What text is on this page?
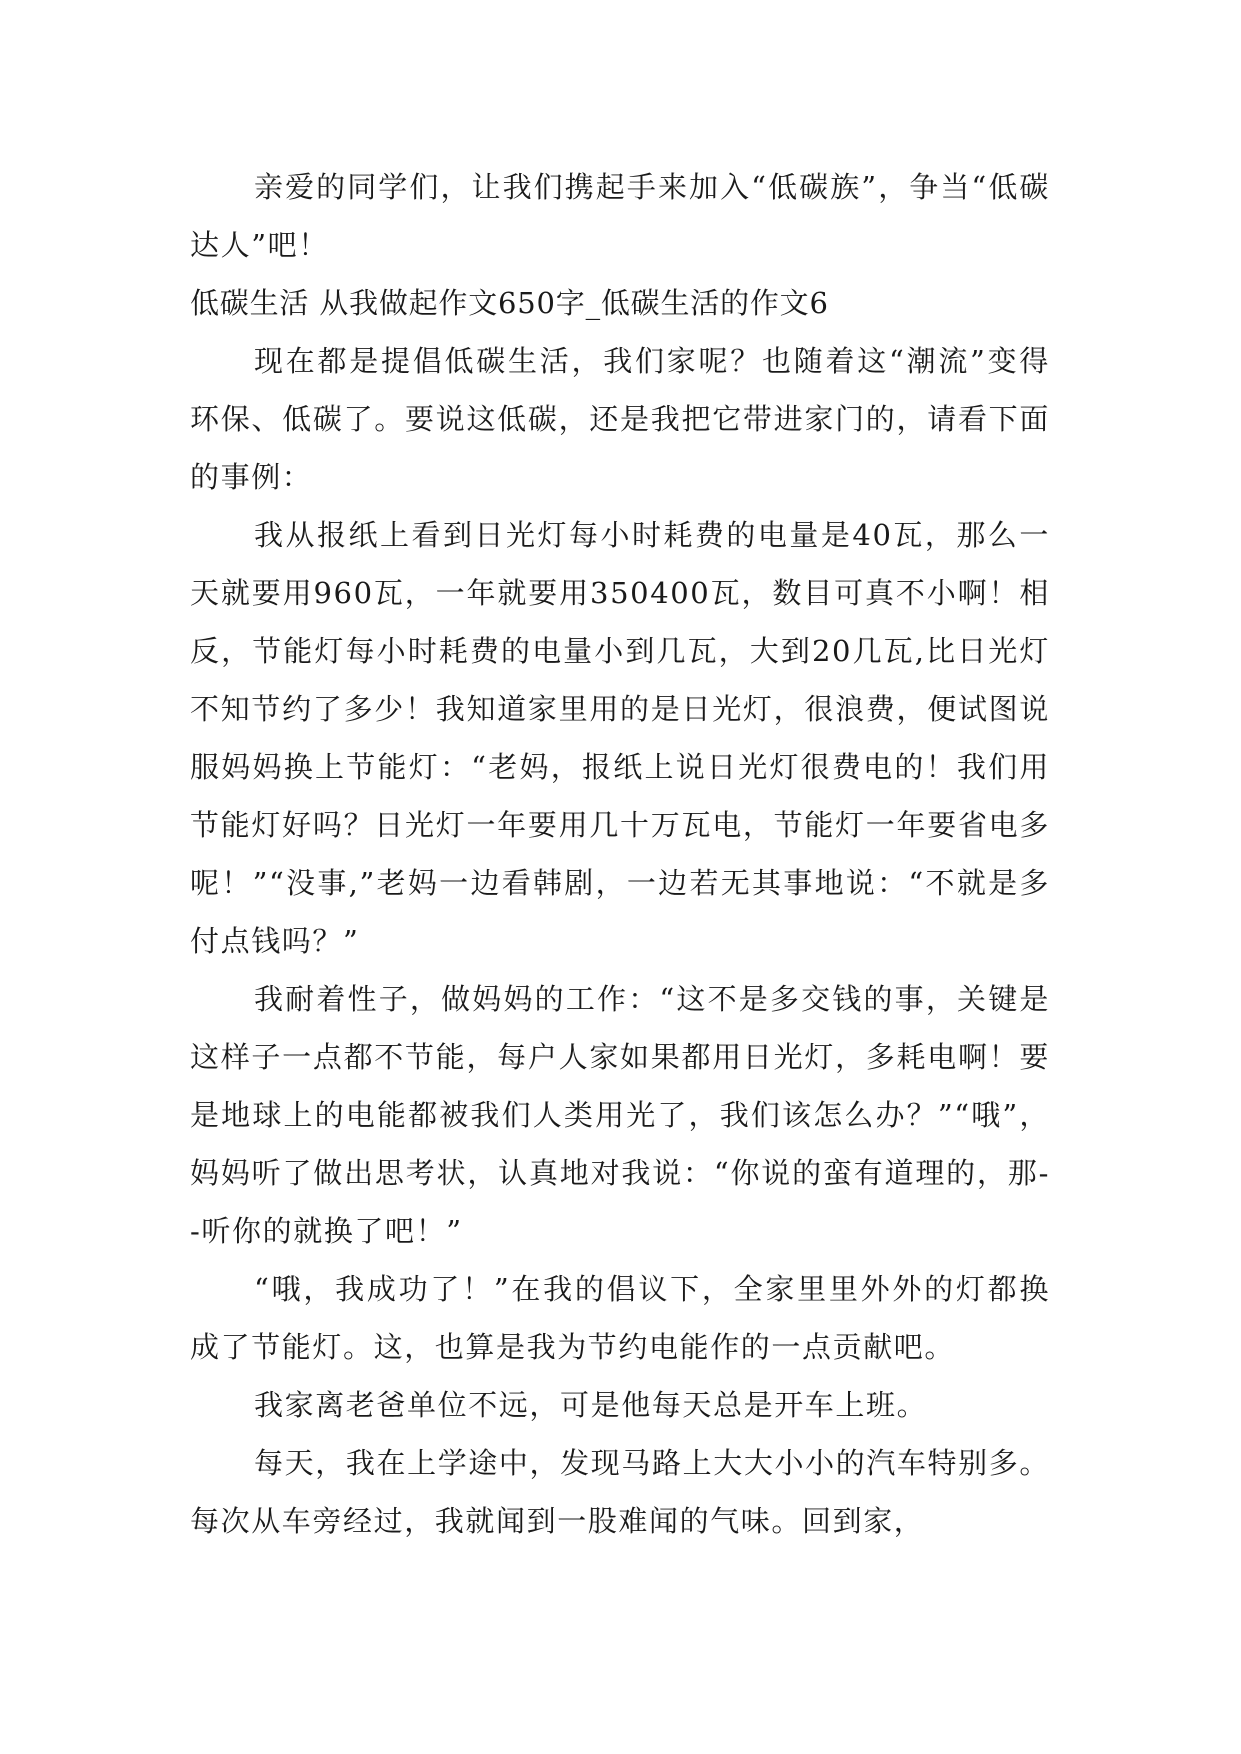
亲爱的同学们，让我们携起手来加入“低碳族”，争当“低碳达人”吧！

低碳生活 从我做起作文650字_低碳生活的作文6

现在都是提倡低碳生活，我们家呢？也随着这“潮流”变得环保、低碳了。要说这低碳，还是我把它带进家门的，请看下面的事例：

我从报纸上看到日光灯每小时耗费的电量是40瓦，那么一天就要用960瓦，一年就要用350400瓦，数目可真不小啊！相反，节能灯每小时耗费的电量小到几瓦，大到20几瓦,比日光灯不知节约了多少！我知道家里用的是日光灯，很浪费，便试图说服妈妈换上节能灯：“老妈，报纸上说日光灯很费电的！我们用节能灯好吗？日光灯一年要用几十万瓦电，节能灯一年要省电多呢！”“没事,”老妈一边看韩剧，一边若无其事地说：“不就是多付点钱吗？”

我耐着性子，做妈妈的工作：“这不是多交钱的事，关键是这样子一点都不节能，每户人家如果都用日光灯，多耗电啊！要是地球上的电能都被我们人类用光了，我们该怎么办？”“哦”，妈妈听了做出思考状，认真地对我说：“你说的蛮有道理的，那--听你的就换了吧！”

“哦，我成功了！”在我的倡议下，全家里里外外的灯都换成了节能灯。这，也算是我为节约电能作的一点贡献吧。

我家离老爸单位不远，可是他每天总是开车上班。

每天，我在上学途中，发现马路上大大小小的汽车特别多。每次从车旁经过，我就闻到一股难闻的气味。回到家，
